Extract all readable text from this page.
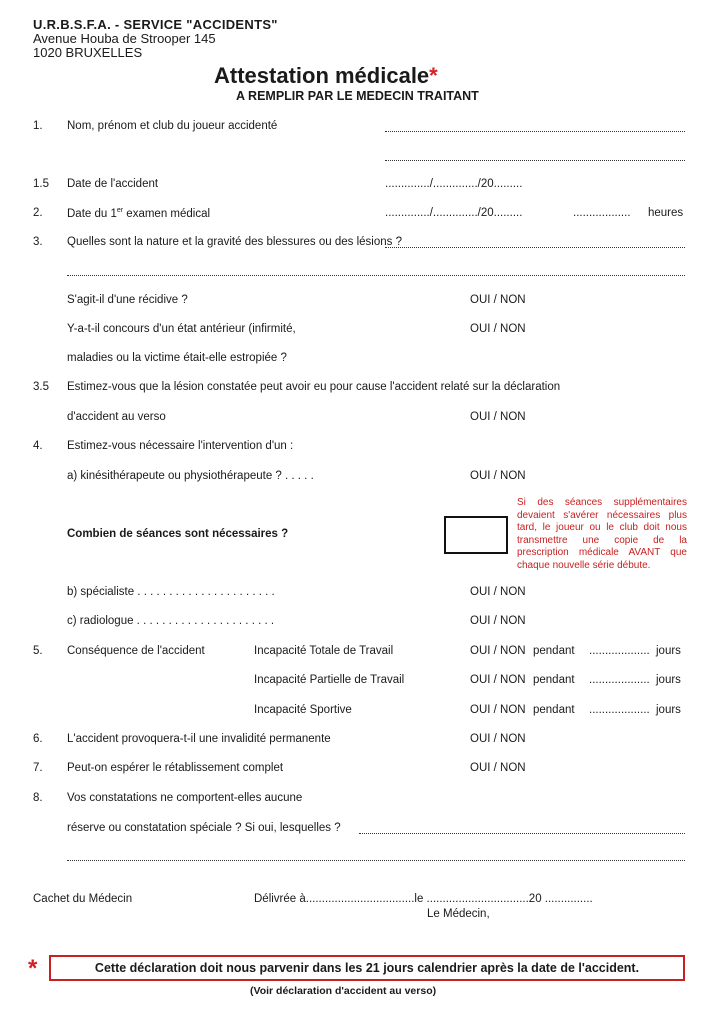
U.R.B.S.F.A. - SERVICE "ACCIDENTS"
Avenue Houba de Strooper 145
1020 BRUXELLES
Attestation médicale*
A REMPLIR PAR LE MEDECIN TRAITANT
1. Nom, prénom et club du joueur accidenté
1.5 Date de l'accident	............../............../20.........
2. Date du 1er examen médical	............../............../20.........	.................. heures
3. Quelles sont la nature et la gravité des blessures ou des lésions ?
S'agit-il d'une récidive ?	OUI / NON
Y-a-t-il concours d'un état antérieur (infirmité,	OUI / NON
maladies ou la victime était-elle estropiée ?
3.5 Estimez-vous que la lésion constatée peut avoir eu pour cause l'accident relaté sur la déclaration
d'accident au verso	OUI / NON
4. Estimez-vous nécessaire l'intervention d'un :
a) kinésithérapeute ou physiothérapeute ? . . . . .	OUI / NON
Combien de séances sont nécessaires ?
Si des séances supplémentaires devaient s'avérer nécessaires plus tard, le joueur ou le club doit nous transmettre une copie de la prescription médicale AVANT que chaque nouvelle série débute.
b) spécialiste . . . . . . . . . . . . . . . . . . . . . .	OUI / NON
c) radiologue . . . . . . . . . . . . . . . . . . . . . .	OUI / NON
5. Conséquence de l'accident	Incapacité Totale de Travail	OUI / NON pendant ................... jours
Incapacité Partielle de Travail	OUI / NON pendant ................... jours
Incapacité Sportive	OUI / NON pendant ................... jours
6. L'accident provoquera-t-il une invalidité permanente	OUI / NON
7. Peut-on espérer le rétablissement complet	OUI / NON
8. Vos constatations ne comportent-elles aucune
réserve ou constatation spéciale ? Si oui, lesquelles ?
Cachet du Médecin	Délivrée à..................................le ................................20 ...............
Le Médecin,
*	Cette déclaration doit nous parvenir dans les 21 jours calendrier après la date de l'accident.
(Voir déclaration d'accident au verso)
